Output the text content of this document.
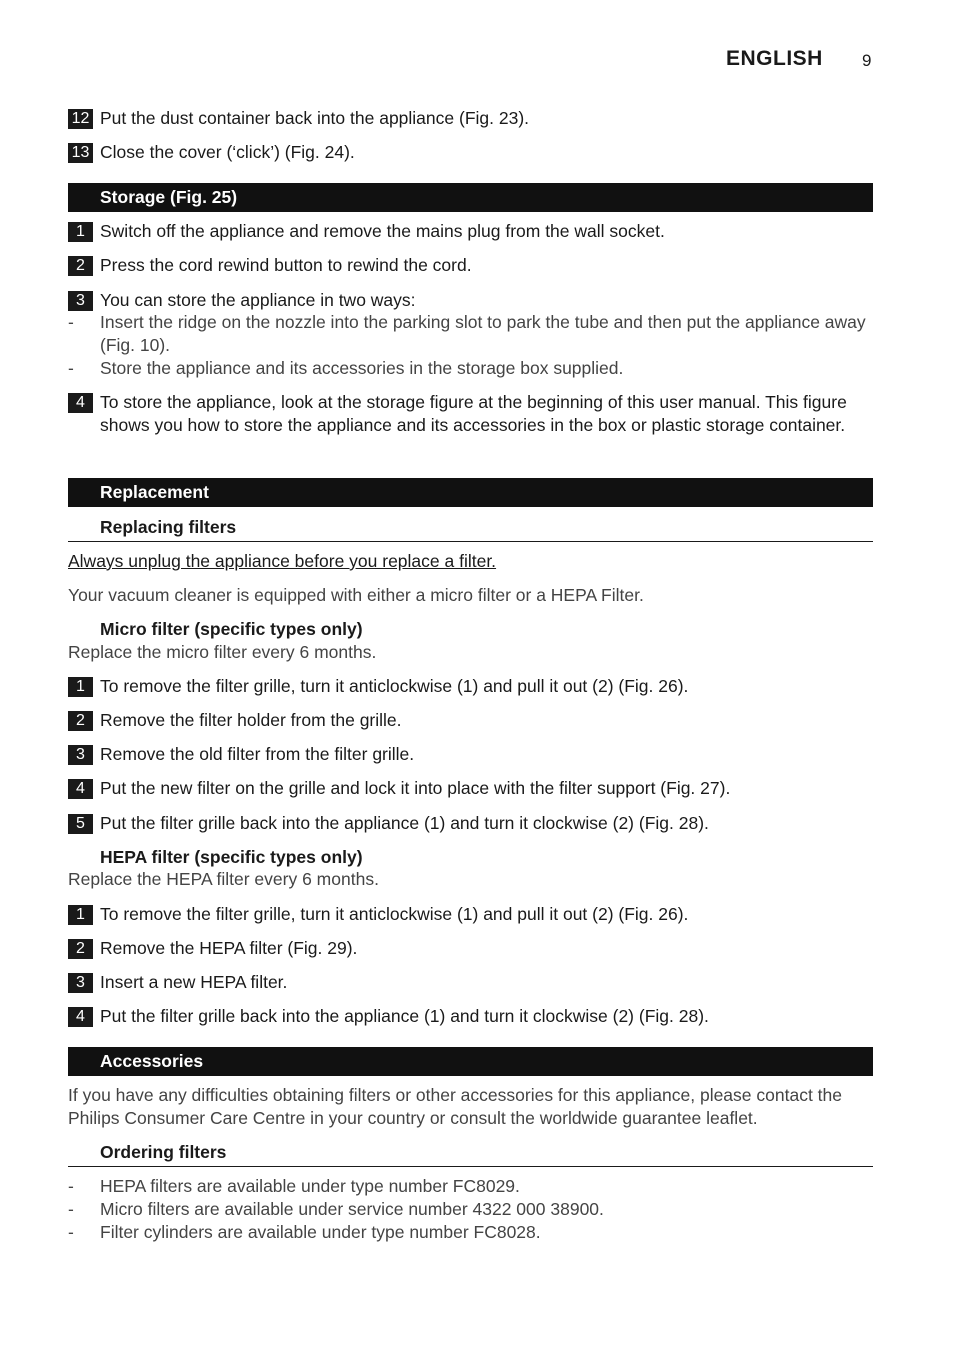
ENGLISH 9
12 Put the dust container back into the appliance (Fig. 23).
13 Close the cover (‘click’) (Fig. 24).
Storage (Fig. 25)
1 Switch off the appliance and remove the mains plug from the wall socket.
2 Press the cord rewind button to rewind the cord.
3 You can store the appliance in two ways:
- Insert the ridge on the nozzle into the parking slot to park the tube and then put the appliance away (Fig. 10).
- Store the appliance and its accessories in the storage box supplied.
4 To store the appliance, look at the storage figure at the beginning of this user manual. This figure shows you how to store the appliance and its accessories in the box or plastic storage container.
Replacement
Replacing filters
Always unplug the appliance before you replace a filter.
Your vacuum cleaner is equipped with either a micro filter or a HEPA Filter.
Micro filter (specific types only)
Replace the micro filter every 6 months.
1 To remove the filter grille, turn it anticlockwise (1) and pull it out (2) (Fig. 26).
2 Remove the filter holder from the grille.
3 Remove the old filter from the filter grille.
4 Put the new filter on the grille and lock it into place with the filter support (Fig. 27).
5 Put the filter grille back into the appliance (1) and turn it clockwise (2) (Fig. 28).
HEPA filter (specific types only)
Replace the HEPA filter every 6 months.
1 To remove the filter grille, turn it anticlockwise (1) and pull it out (2) (Fig. 26).
2 Remove the HEPA filter (Fig. 29).
3 Insert a new HEPA filter.
4 Put the filter grille back into the appliance (1) and turn it clockwise (2) (Fig. 28).
Accessories
If you have any difficulties obtaining filters or other accessories for this appliance, please contact the Philips Consumer Care Centre in your country or consult the worldwide guarantee leaflet.
Ordering filters
- HEPA filters are available under type number FC8029.
- Micro filters are available under service number 4322 000 38900.
- Filter cylinders are available under type number FC8028.
